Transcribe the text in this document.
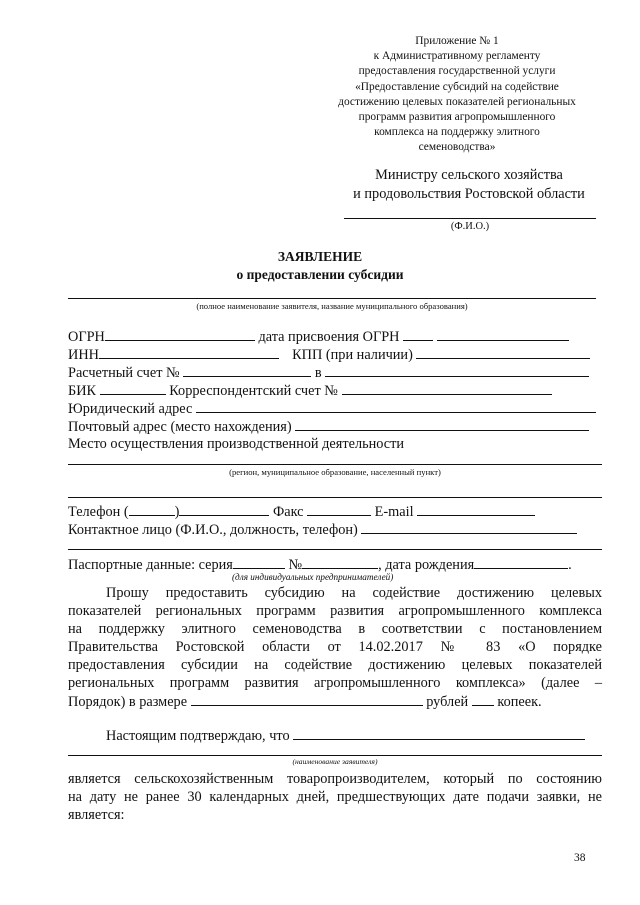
Приложение № 1
к Административному регламенту
предоставления государственной услуги
«Предоставление субсидий на содействие
достижению целевых показателей региональных
программ развития агропромышленного
комплекса на поддержку элитного
семеноводства»
Министру сельского хозяйства
и продовольствия Ростовской области
(Ф.И.О.)
ЗАЯВЛЕНИЕ
о предоставлении субсидии
(полное наименование заявителя, название муниципального образования)
ОГРН	дата присвоения ОГРН
ИНН	КПП (при наличии)
Расчетный счет №	в
БИК	Корреспондентский счет №
Юридический адрес
Почтовый адрес (место нахождения)
Место осуществления производственной деятельности
(регион, муниципальное образование, населенный пункт)
Телефон (	)	Факс	E-mail
Контактное лицо (Ф.И.О., должность, телефон)
Паспортные данные: серия	№	, дата рождения	.
(для индивидуальных предпринимателей)
Прошу предоставить субсидию на содействие достижению целевых
показателей региональных программ развития агропромышленного комплекса
на поддержку элитного семеноводства в соответствии с постановлением
Правительства Ростовской области от 14.02.2017 № 83 «О порядке
предоставления субсидии на содействие достижению целевых показателей
региональных программ развития агропромышленного комплекса» (далее –
Порядок) в размере	рублей копеек.
Настоящим подтверждаю, что
(наименование заявителя)
является сельскохозяйственным товаропроизводителем, который по состоянию
на дату не ранее 30 календарных дней, предшествующих дате подачи заявки, не
является:
38
